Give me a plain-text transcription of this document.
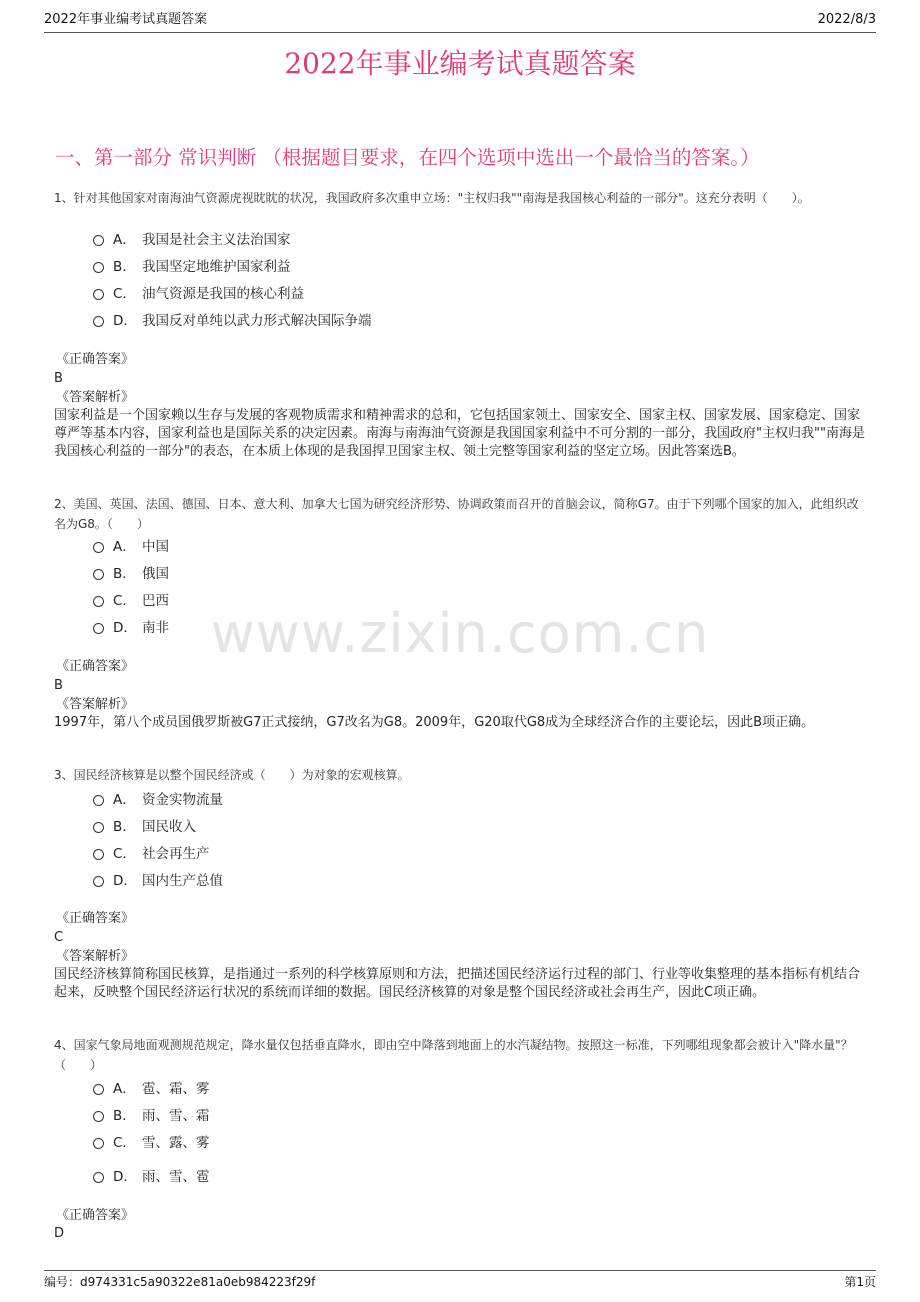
2022年事业编考试真题答案	2022/8/3
2022年事业编考试真题答案
一、第一部分 常识判断 （根据题目要求，在四个选项中选出一个最恰当的答案。）
www.zixin.com.cn
1、针对其他国家对南海油气资源虎视眈眈的状况，我国政府多次重申立场："主权归我""南海是我国核心利益的一部分"。这充分表明（　　）。
A． 我国是社会主义法治国家
B． 我国坚定地维护国家利益
C． 油气资源是我国的核心利益
D． 我国反对单纯以武力形式解决国际争端
《正确答案》
B
《答案解析》
国家利益是一个国家赖以生存与发展的客观物质需求和精神需求的总和，它包括国家领土、国家安全、国家主权、国家发展、国家稳定、国家尊严等基本内容，国家利益也是国际关系的决定因素。南海与南海油气资源是我国国家利益中不可分割的一部分，我国政府"主权归我""南海是我国核心利益的一部分"的表态，在本质上体现的是我国捍卫国家主权、领土完整等国家利益的坚定立场。因此答案选B。
2、美国、英国、法国、德国、日本、意大利、加拿大七国为研究经济形势、协调政策而召开的首脑会议，简称G7。由于下列哪个国家的加入，此组织改名为G8。（　　）
A． 中国
B． 俄国
C． 巴西
D． 南非
《正确答案》
B
《答案解析》
1997年，第八个成员国俄罗斯被G7正式接纳，G7改名为G8。2009年，G20取代G8成为全球经济合作的主要论坛，因此B项正确。
3、国民经济核算是以整个国民经济或（　　）为对象的宏观核算。
A． 资金实物流量
B． 国民收入
C． 社会再生产
D． 国内生产总值
《正确答案》
C
《答案解析》
国民经济核算简称国民核算，是指通过一系列的科学核算原则和方法，把描述国民经济运行过程的部门、行业等收集整理的基本指标有机结合起来，反映整个国民经济运行状况的系统而详细的数据。国民经济核算的对象是整个国民经济或社会再生产，因此C项正确。
4、国家气象局地面观测规范规定，降水量仅包括垂直降水，即由空中降落到地面上的水汽凝结物。按照这一标准，下列哪组现象都会被计入"降水量"？（　　）
A． 雹、霜、雾
B． 雨、雪、霜
C． 雪、露、雾
D． 雨、雪、雹
《正确答案》
D
编号：d974331c5a90322e81a0eb984223f29f	第1页
